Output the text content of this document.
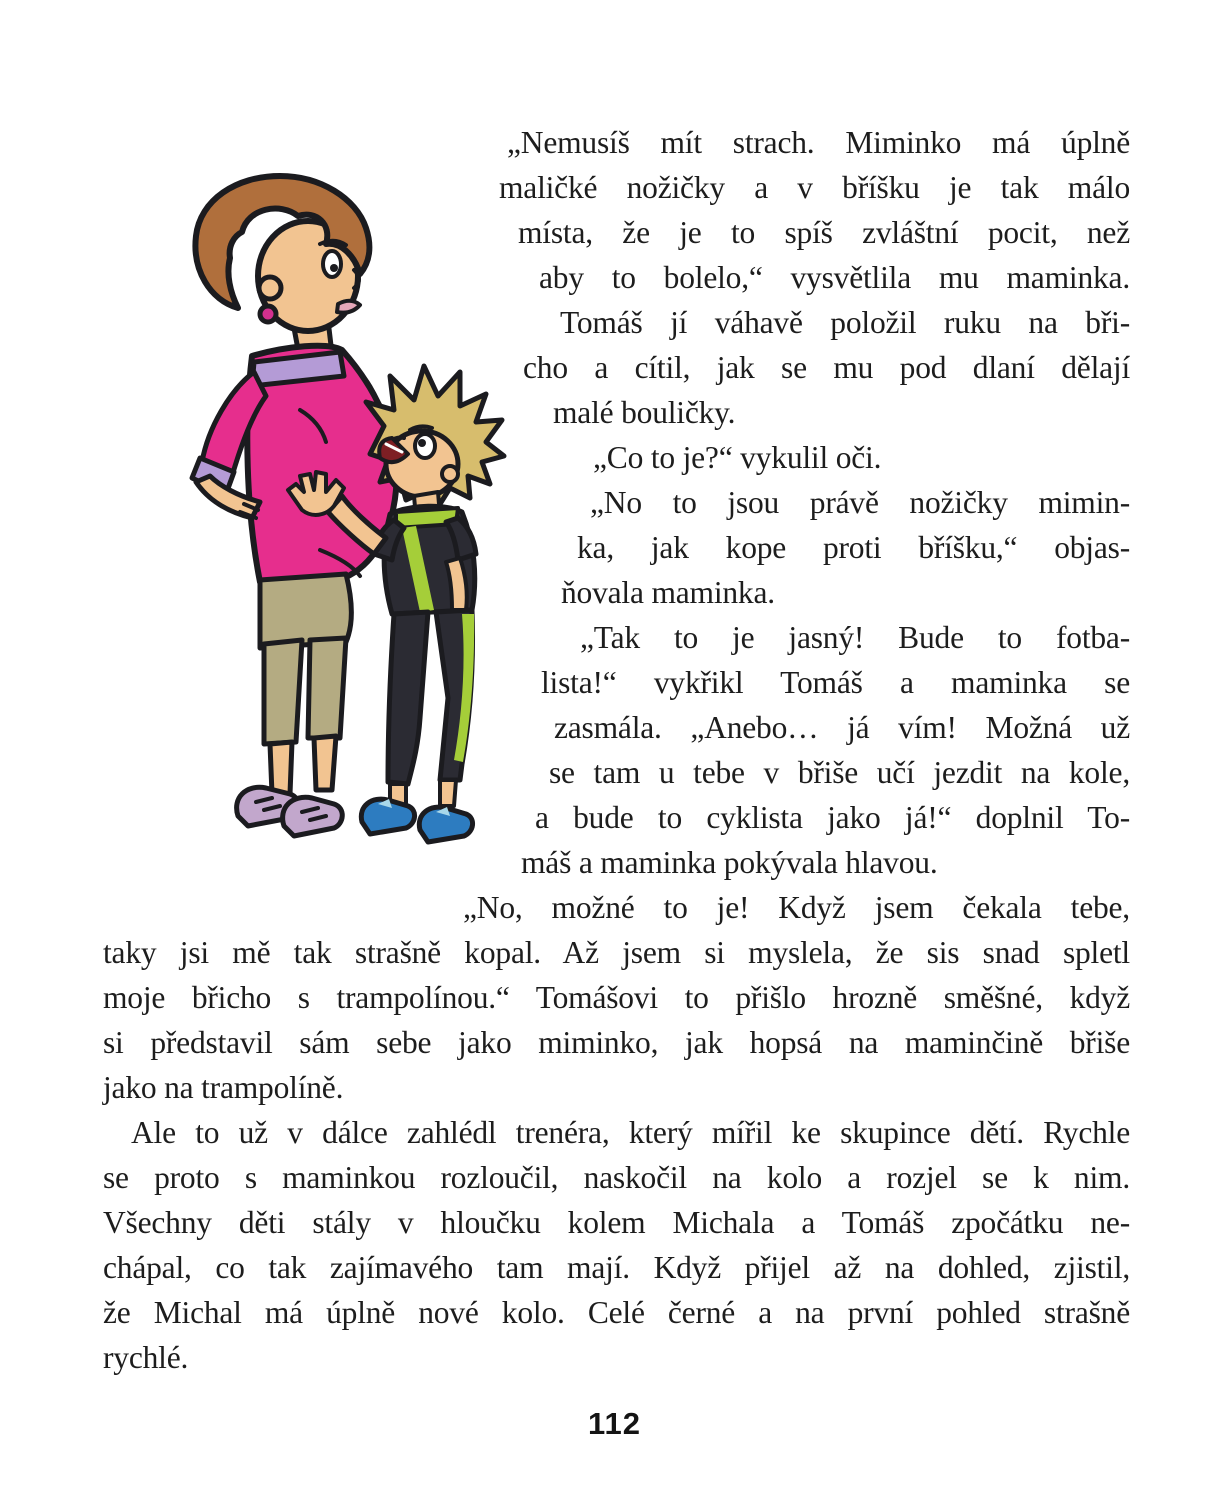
„Nemusíš mít strach. Miminko má úplně
maličké nožičky a v bříšku je tak málo
místa, že je to spíš zvláštní pocit, než
aby to bolelo,“ vysvětlila mu maminka.
Tomáš jí váhavě položil ruku na bři-
cho a cítil, jak se mu pod dlaní dělají
malé bouličky.
„Co to je?“ vykulil oči.
„No to jsou právě nožičky mimin-
ka, jak kope proti bříšku,“ objas-
ňovala maminka.
„Tak to je jasný! Bude to fotba-
lista!“ vykřikl Tomáš a maminka se
zasmála. „Anebo… já vím! Možná už
se tam u tebe v břiše učí jezdit na kole,
a bude to cyklista jako já!“ doplnil To-
máš a maminka pokývala hlavou.
„No, možné to je! Když jsem čekala tebe,
taky jsi mě tak strašně kopal. Až jsem si myslela, že sis snad spletl
moje břicho s trampolínou.“ Tomášovi to přišlo hrozně směšné, když
si představil sám sebe jako miminko, jak hopsá na maminčině břiše
jako na trampolíně.
Ale to už v dálce zahlédl trenéra, který mířil ke skupince dětí. Rychle
se proto s maminkou rozloučil, naskočil na kolo a rozjel se k nim.
Všechny děti stály v hloučku kolem Michala a Tomáš zpočátku ne-
chápal, co tak zajímavého tam mají. Když přijel až na dohled, zjistil,
že Michal má úplně nové kolo. Celé černé a na první pohled strašně
rychlé.
112
